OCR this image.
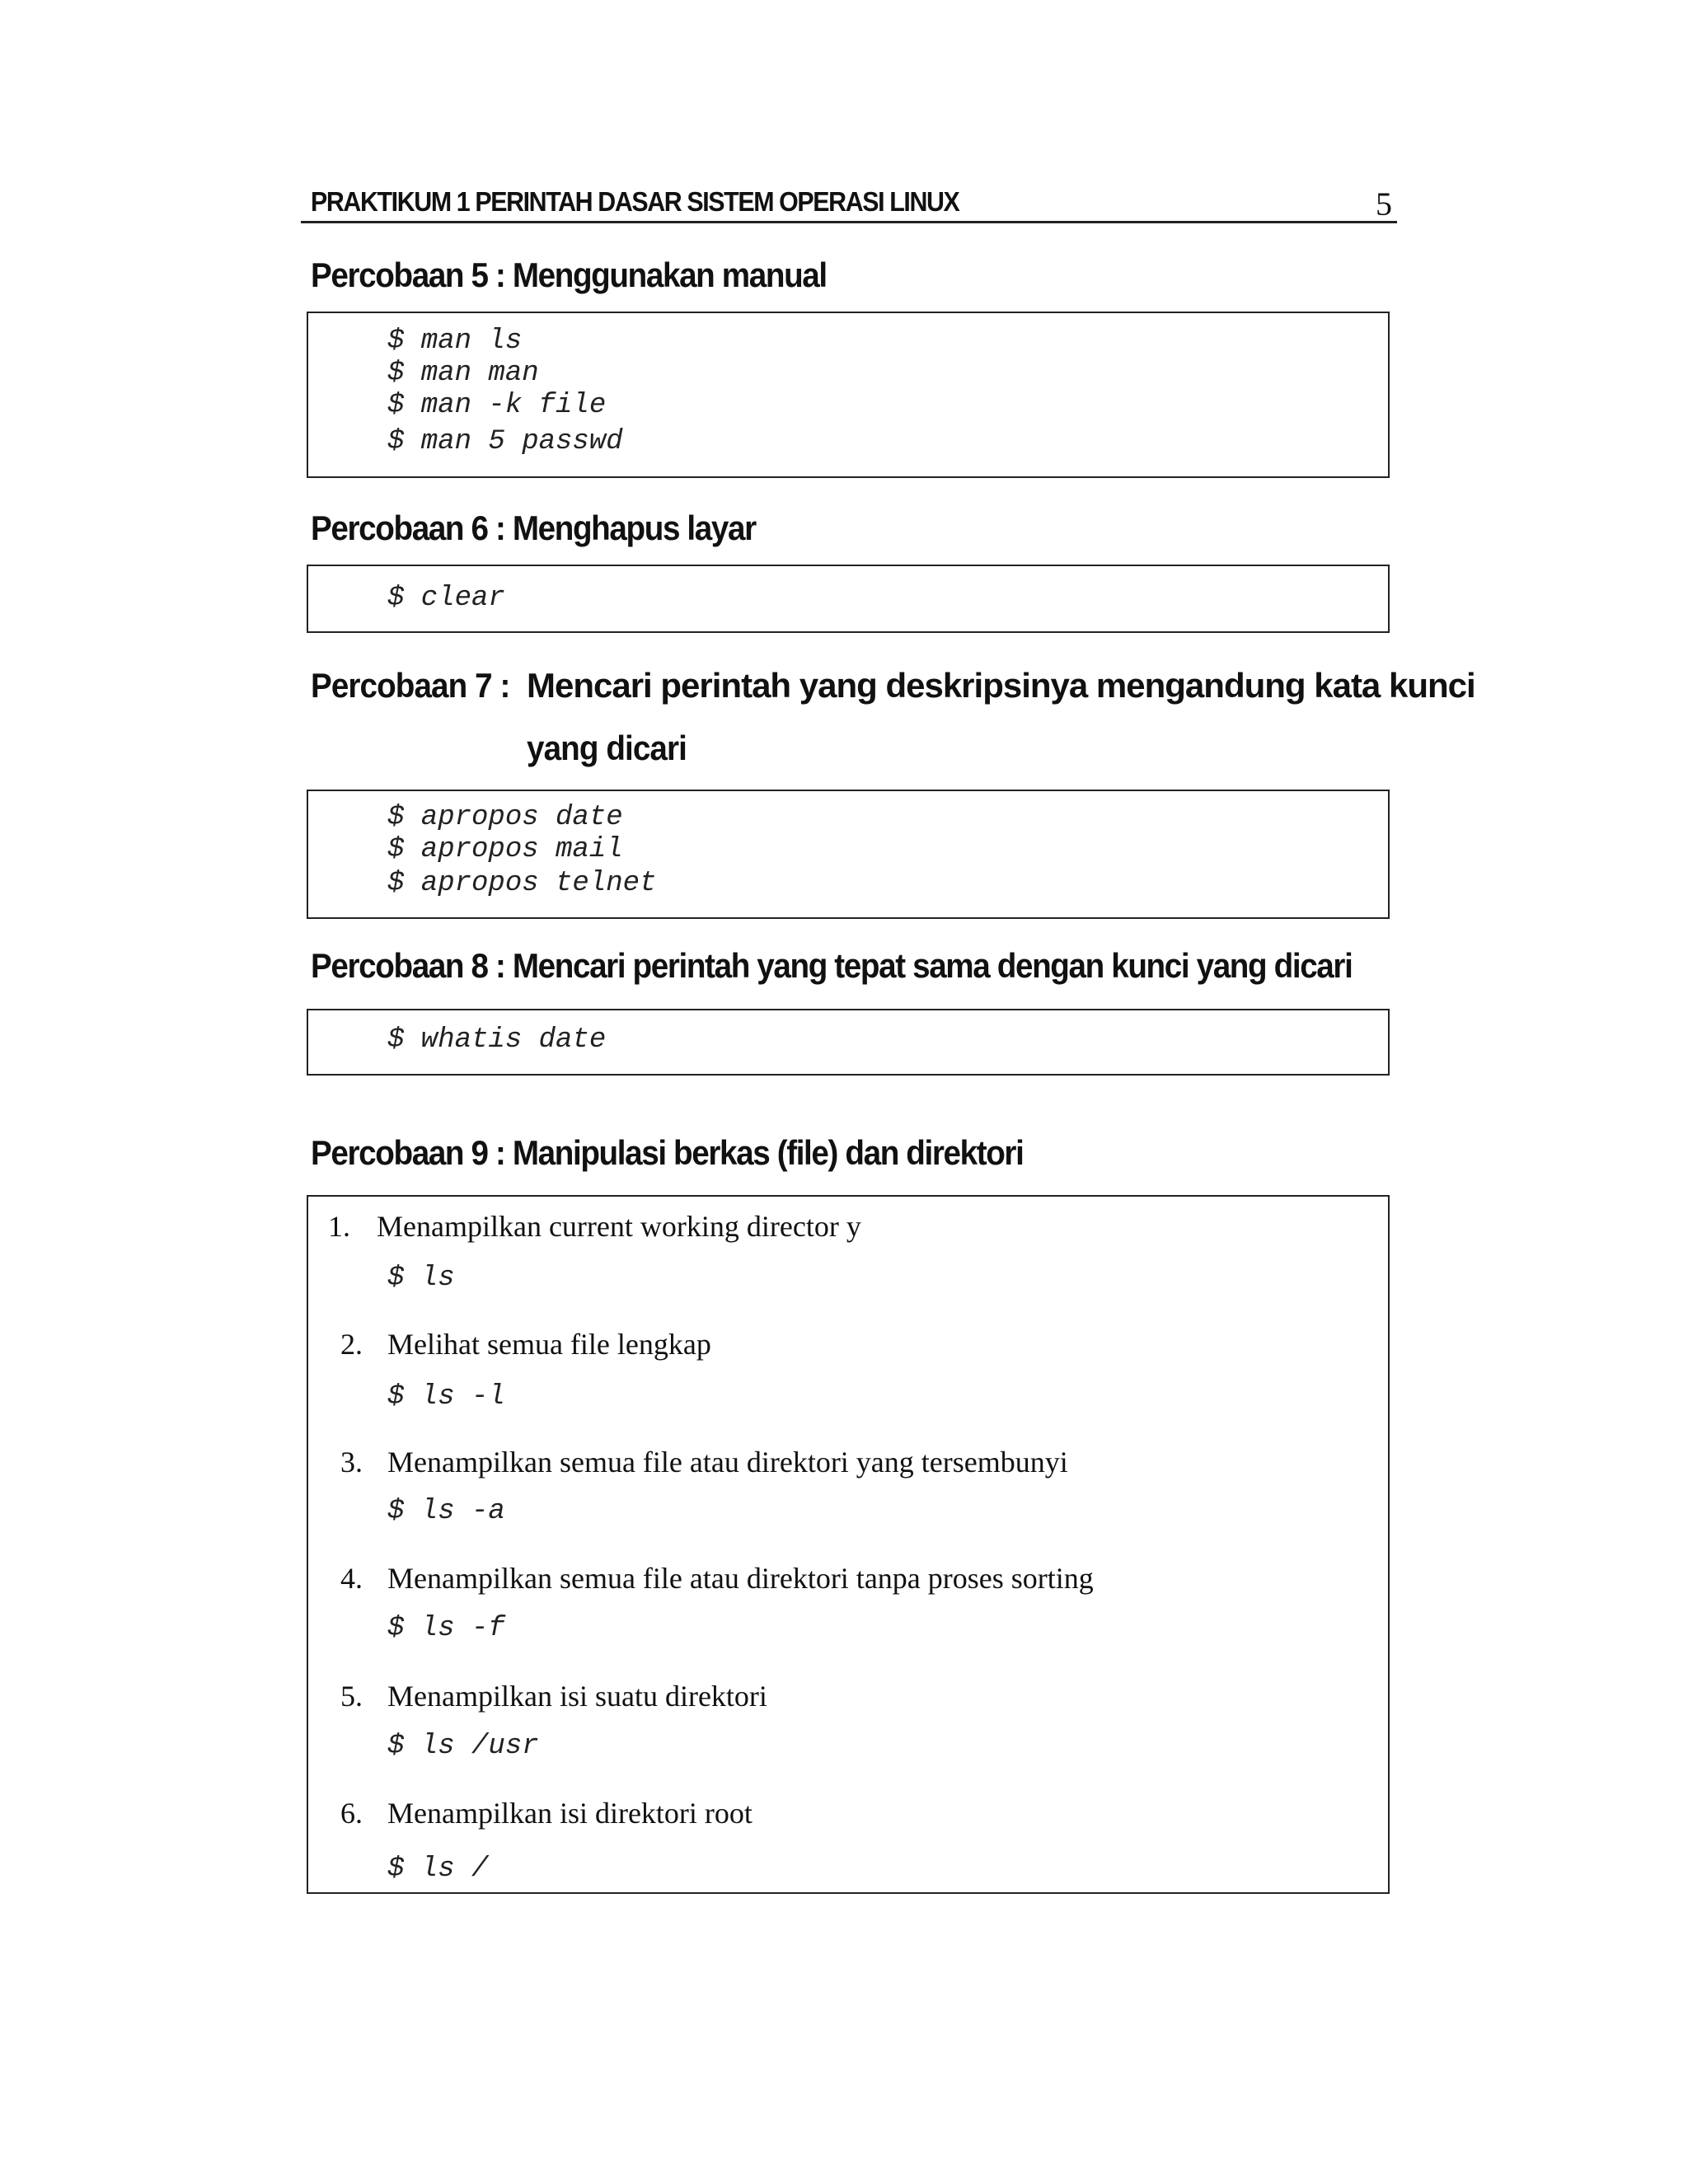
PRAKTIKUM 1 PERINTAH DASAR SISTEM OPERASI LINUX	5
Percobaan 5 : Menggunakan manual
$ man ls
$ man man
$ man -k file
$ man 5 passwd
Percobaan 6 : Menghapus layar
$ clear
Percobaan 7 : Mencari perintah yang deskripsinya mengandung kata kunci
yang dicari
$ apropos date
$ apropos mail
$ apropos telnet
Percobaan 8 : Mencari perintah yang tepat sama dengan kunci yang dicari
$ whatis date
Percobaan 9 : Manipulasi berkas (file) dan direktori
1. Menampilkan current working director y
$ ls
2. Melihat semua file lengkap
$ ls -l
3. Menampilkan semua file atau direktori yang tersembunyi
$ ls -a
4. Menampilkan semua file atau direktori tanpa proses sorting
$ ls -f
5. Menampilkan isi suatu direktori
$ ls /usr
6. Menampilkan isi direktori root
$ ls /
